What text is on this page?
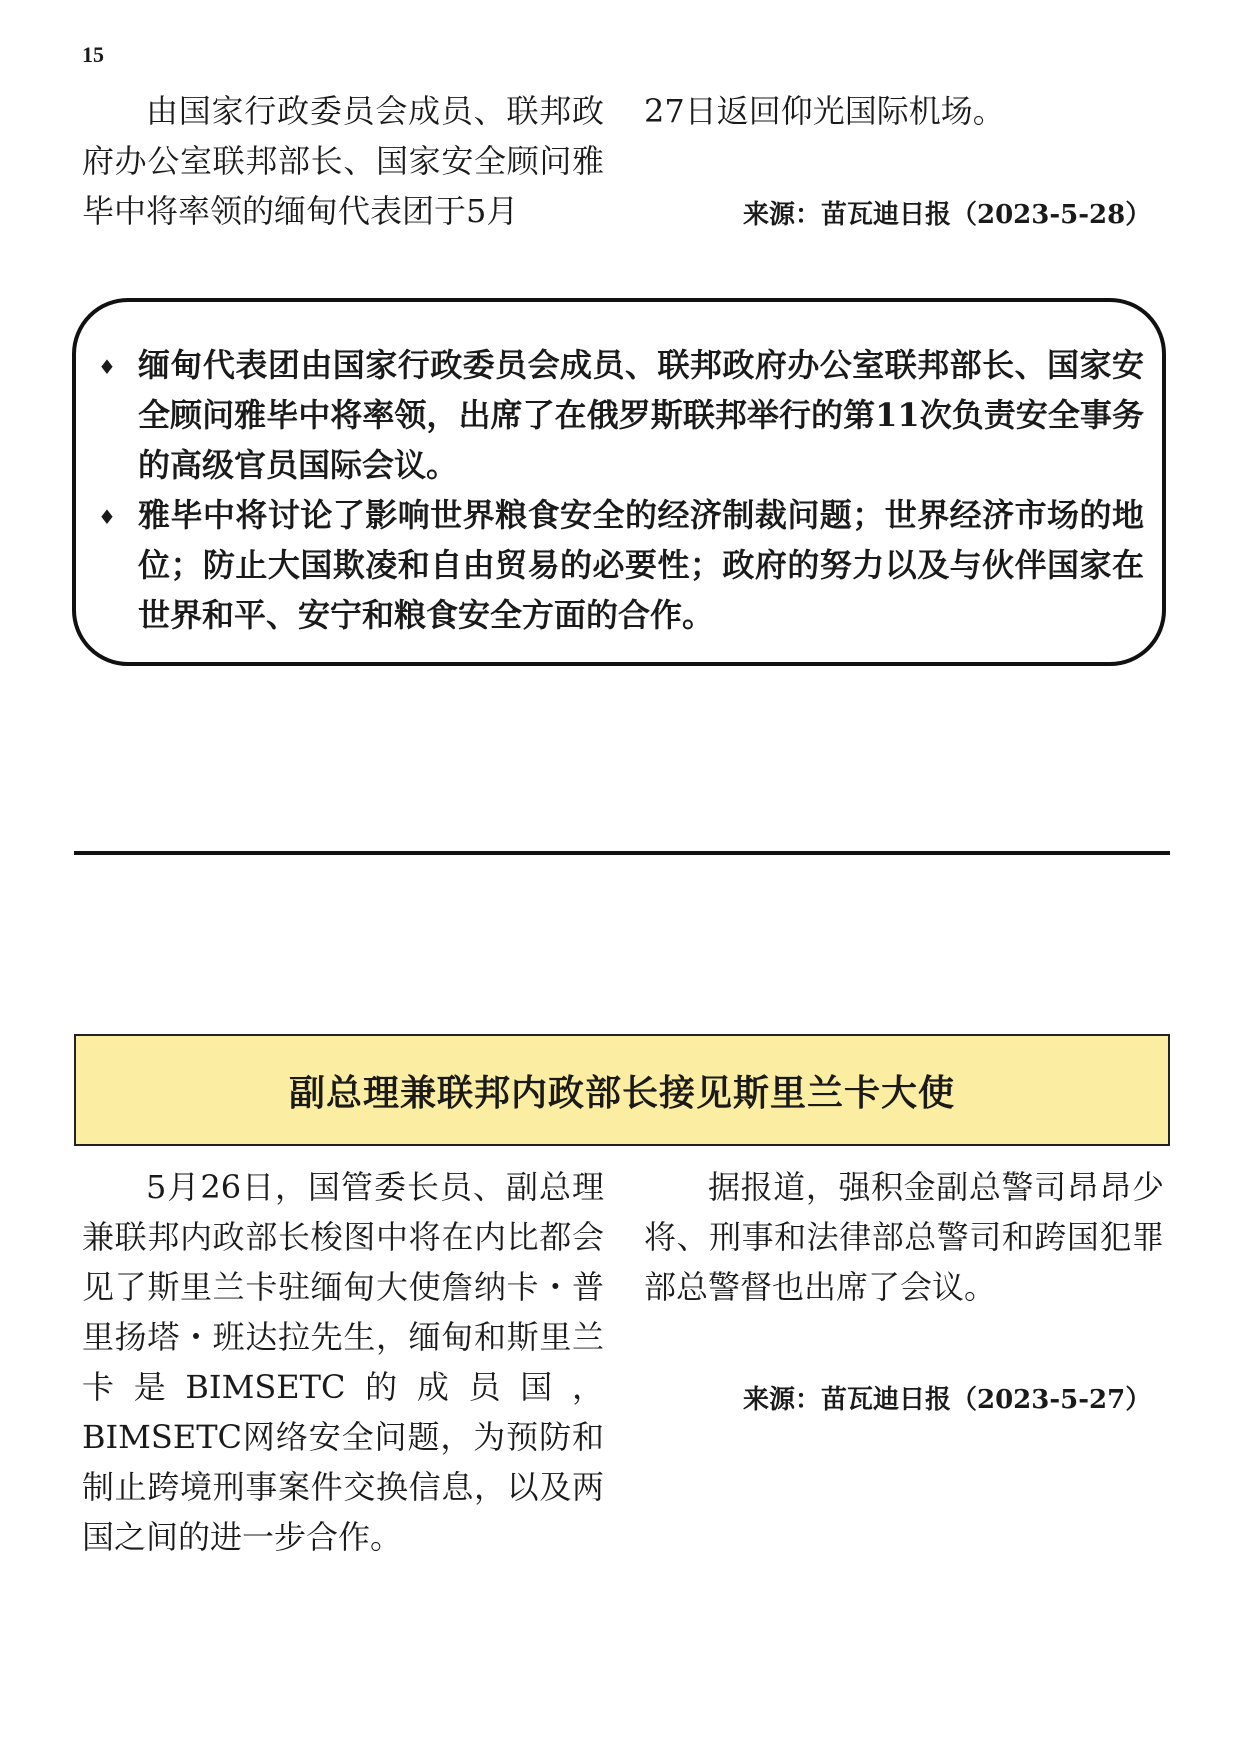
15

由国家行政委员会成员、联邦政府办公室联邦部长、国家安全顾问雅毕中将率领的缅甸代表团于5月

27日返回仰光国际机场。

来源：苗瓦迪日报（2023-5-28）
♦ 缅甸代表团由国家行政委员会成员、联邦政府办公室联邦部长、国家安全顾问雅毕中将率领，出席了在俄罗斯联邦举行的第11次负责安全事务的高级官员国际会议。
♦ 雅毕中将讨论了影响世界粮食安全的经济制裁问题；世界经济市场的地位；防止大国欺凌和自由贸易的必要性；政府的努力以及与伙伴国家在世界和平、安宁和粮食安全方面的合作。
副总理兼联邦内政部长接见斯里兰卡大使

5月26日，国管委长员、副总理兼联邦内政部长梭图中将在内比都会见了斯里兰卡驻缅甸大使詹纳卡・普里扬塔・班达拉先生，缅甸和斯里兰卡是BIMSETC的成员国，BIMSETC网络安全问题，为预防和制止跨境刑事案件交换信息，以及两国之间的进一步合作。

据报道，强积金副总警司昂昂少将、刑事和法律部总警司和跨国犯罪部总警督也出席了会议。

来源：苗瓦迪日报（2023-5-27）
